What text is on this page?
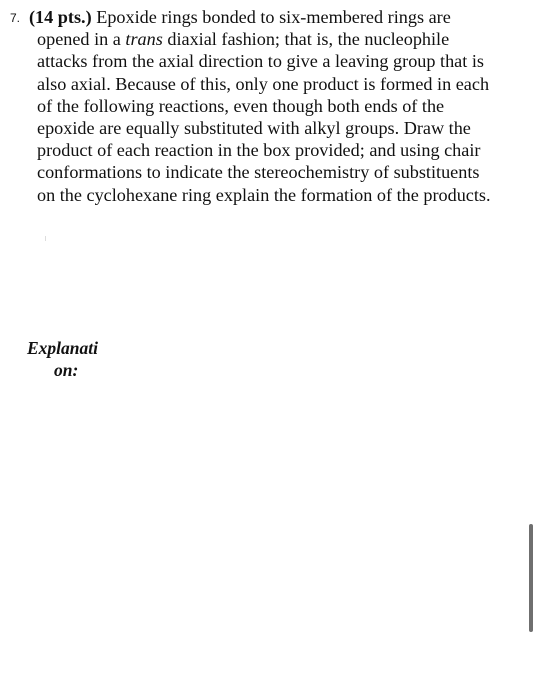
7. (14 pts.) Epoxide rings bonded to six-membered rings are
opened in a trans diaxial fashion; that is, the nucleophile
attacks from the axial direction to give a leaving group that is
also axial. Because of this, only one product is formed in each
of the following reactions, even though both ends of the
epoxide are equally substituted with alkyl groups. Draw the
product of each reaction in the box provided; and using chair
conformations to indicate the stereochemistry of substituents
on the cyclohexane ring explain the formation of the products.
Explanati
on:
